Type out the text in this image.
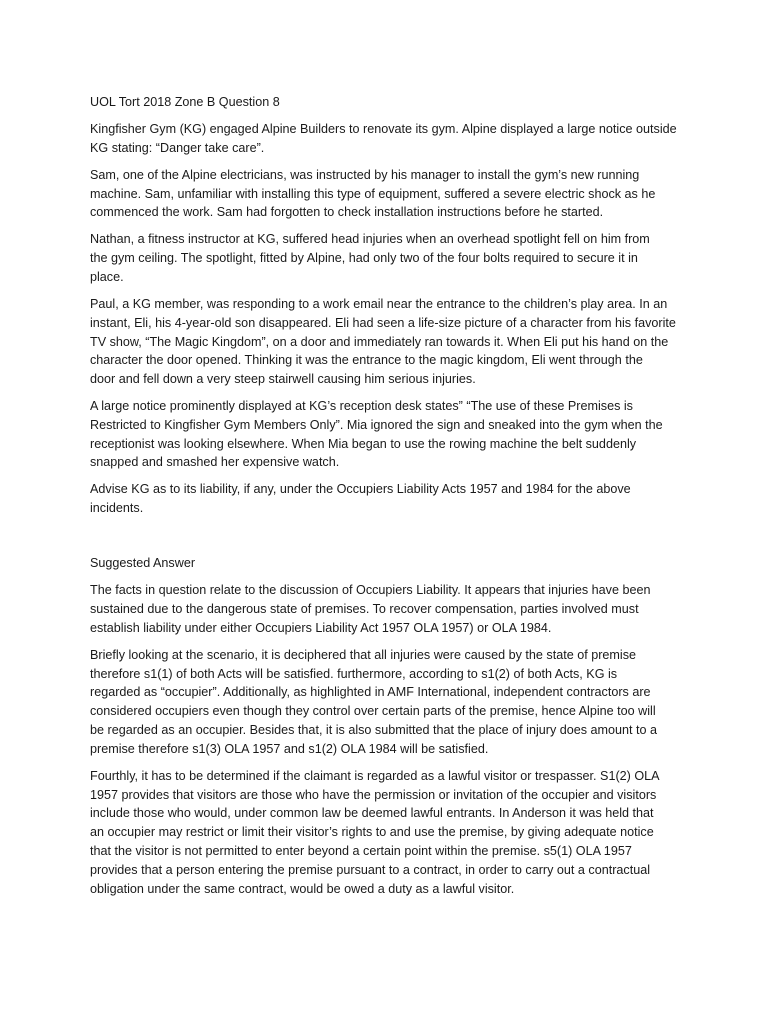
UOL Tort 2018 Zone B Question 8
Kingfisher Gym (KG) engaged Alpine Builders to renovate its gym. Alpine displayed a large notice outside
KG stating: “Danger take care”.
Sam, one of the Alpine electricians, was instructed by his manager to install the gym’s new running
machine. Sam, unfamiliar with installing this type of equipment, suffered a severe electric shock as he
commenced the work. Sam had forgotten to check installation instructions before he started.
Nathan, a fitness instructor at KG, suffered head injuries when an overhead spotlight fell on him from
the gym ceiling. The spotlight, fitted by Alpine, had only two of the four bolts required to secure it in
place.
Paul, a KG member, was responding to a work email near the entrance to the children’s play area. In an
instant, Eli, his 4-year-old son disappeared. Eli had seen a life-size picture of a character from his favorite
TV show, “The Magic Kingdom”, on a door and immediately ran towards it. When Eli put his hand on the
character the door opened. Thinking it was the entrance to the magic kingdom, Eli went through the
door and fell down a very steep stairwell causing him serious injuries.
A large notice prominently displayed at KG’s reception desk states” “The use of these Premises is
Restricted to Kingfisher Gym Members Only”. Mia ignored the sign and sneaked into the gym when the
receptionist was looking elsewhere. When Mia began to use the rowing machine the belt suddenly
snapped and smashed her expensive watch.
Advise KG as to its liability, if any, under the Occupiers Liability Acts 1957 and 1984 for the above
incidents.
Suggested Answer
The facts in question relate to the discussion of Occupiers Liability. It appears that injuries have been
sustained due to the dangerous state of premises. To recover compensation, parties involved must
establish liability under either Occupiers Liability Act 1957 OLA 1957) or OLA 1984.
Briefly looking at the scenario, it is deciphered that all injuries were caused by the state of premise
therefore s1(1) of both Acts will be satisfied. furthermore, according to s1(2) of both Acts, KG is
regarded as “occupier”. Additionally, as highlighted in AMF International, independent contractors are
considered occupiers even though they control over certain parts of the premise, hence Alpine too will
be regarded as an occupier. Besides that, it is also submitted that the place of injury does amount to a
premise therefore s1(3) OLA 1957 and s1(2) OLA 1984 will be satisfied.
Fourthly, it has to be determined if the claimant is regarded as a lawful visitor or trespasser. S1(2) OLA
1957 provides that visitors are those who have the permission or invitation of the occupier and visitors
include those who would, under common law be deemed lawful entrants. In Anderson it was held that
an occupier may restrict or limit their visitor’s rights to and use the premise, by giving adequate notice
that the visitor is not permitted to enter beyond a certain point within the premise. s5(1) OLA 1957
provides that a person entering the premise pursuant to a contract, in order to carry out a contractual
obligation under the same contract, would be owed a duty as a lawful visitor.
